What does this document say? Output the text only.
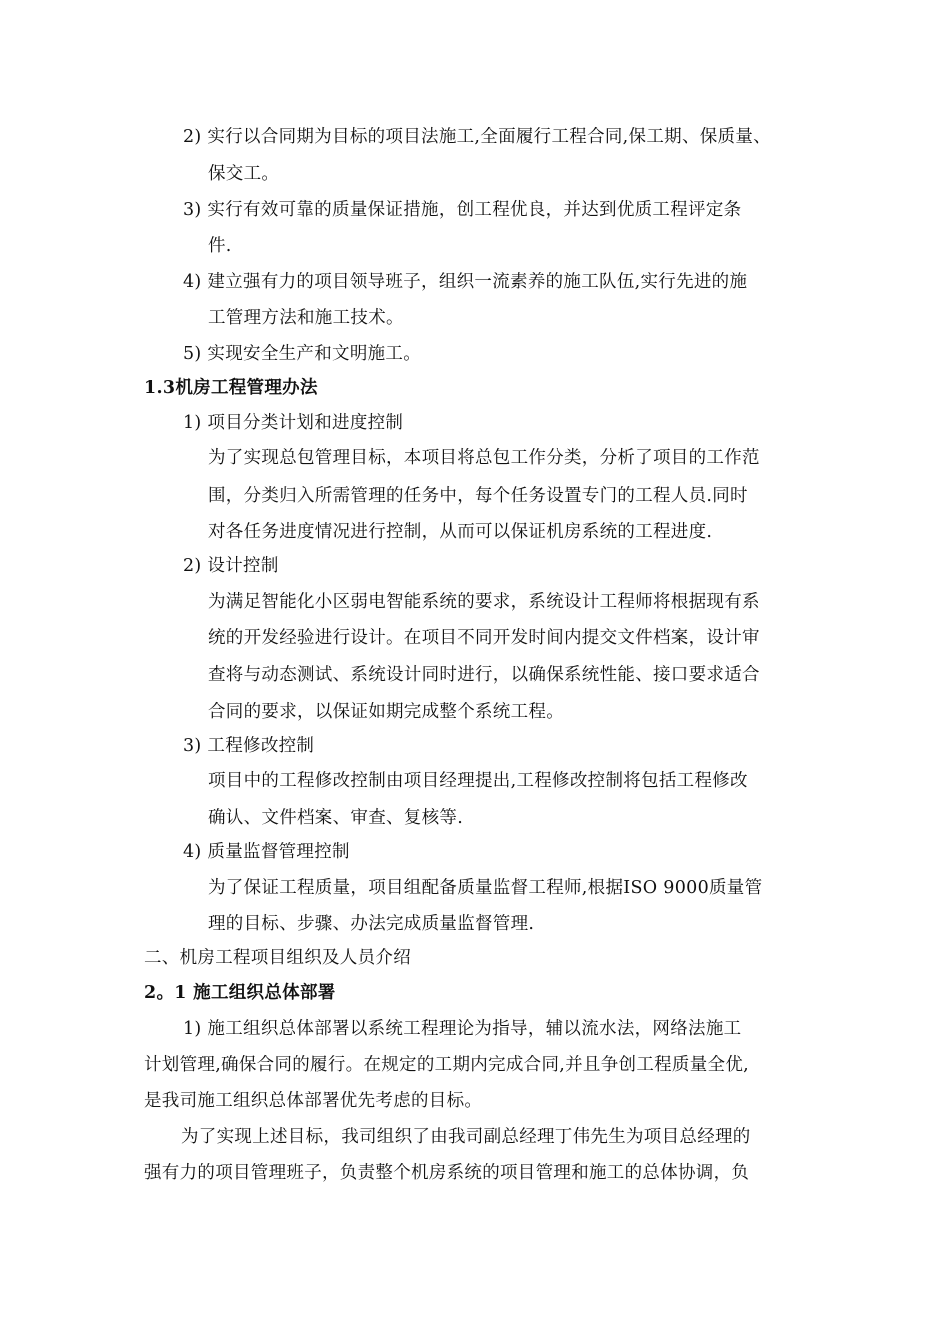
2) 实行以合同期为目标的项目法施工,全面履行工程合同,保工期、保质量、
保交工。
3) 实行有效可靠的质量保证措施，创工程优良，并达到优质工程评定条
件.
4) 建立强有力的项目领导班子，组织一流素养的施工队伍,实行先进的施
工管理方法和施工技术。
5) 实现安全生产和文明施工。
1.3机房工程管理办法
1) 项目分类计划和进度控制
为了实现总包管理目标，本项目将总包工作分类，分析了项目的工作范
围，分类归入所需管理的任务中，每个任务设置专门的工程人员.同时
对各任务进度情况进行控制，从而可以保证机房系统的工程进度.
2) 设计控制
为满足智能化小区弱电智能系统的要求，系统设计工程师将根据现有系
统的开发经验进行设计。在项目不同开发时间内提交文件档案，设计审
查将与动态测试、系统设计同时进行，以确保系统性能、接口要求适合
合同的要求，以保证如期完成整个系统工程。
3) 工程修改控制
项目中的工程修改控制由项目经理提出,工程修改控制将包括工程修改
确认、文件档案、审查、复核等.
4) 质量监督管理控制
为了保证工程质量，项目组配备质量监督工程师,根据ISO 9000质量管
理的目标、步骤、办法完成质量监督管理.
二、机房工程项目组织及人员介绍
2。1 施工组织总体部署
1) 施工组织总体部署以系统工程理论为指导，辅以流水法，网络法施工
计划管理,确保合同的履行。在规定的工期内完成合同,并且争创工程质量全优,
是我司施工组织总体部署优先考虑的目标。
为了实现上述目标，我司组织了由我司副总经理丁伟先生为项目总经理的
强有力的项目管理班子，负责整个机房系统的项目管理和施工的总体协调，负
